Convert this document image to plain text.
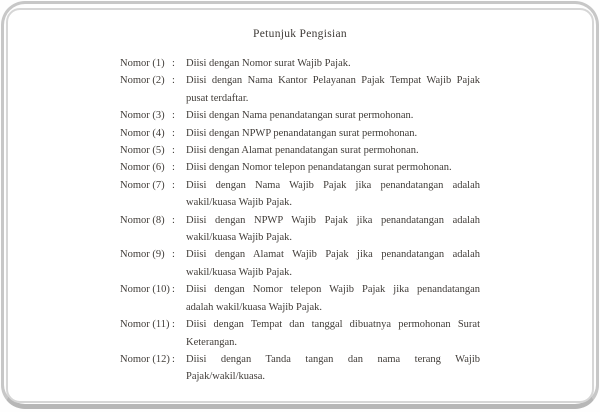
Petunjuk Pengisian
Nomor (1) :	Diisi dengan Nomor surat Wajib Pajak.
Nomor (2) :	Diisi dengan Nama Kantor Pelayanan Pajak Tempat Wajib Pajak
pusat terdaftar.
Nomor (3) :	Diisi dengan Nama penandatangan surat permohonan.
Nomor (4) :	Diisi dengan NPWP penandatangan surat permohonan.
Nomor (5) :	Diisi dengan Alamat penandatangan surat permohonan.
Nomor (6) :	Diisi dengan Nomor telepon penandatangan surat permohonan.
Nomor (7) :	Diisi dengan Nama Wajib Pajak jika penandatangan adalah
wakil/kuasa Wajib Pajak.
Nomor (8) :	Diisi dengan NPWP Wajib Pajak jika penandatangan adalah
wakil/kuasa Wajib Pajak.
Nomor (9) :	Diisi dengan Alamat Wajib Pajak jika penandatangan adalah
wakil/kuasa Wajib Pajak.
Nomor (10) :	Diisi dengan Nomor telepon Wajib Pajak jika penandatangan
adalah wakil/kuasa Wajib Pajak.
Nomor (11) :	Diisi dengan Tempat dan tanggal dibuatnya permohonan Surat
Keterangan.
Nomor (12) :	Diisi dengan Tanda tangan dan nama terang Wajib
Pajak/wakil/kuasa.
